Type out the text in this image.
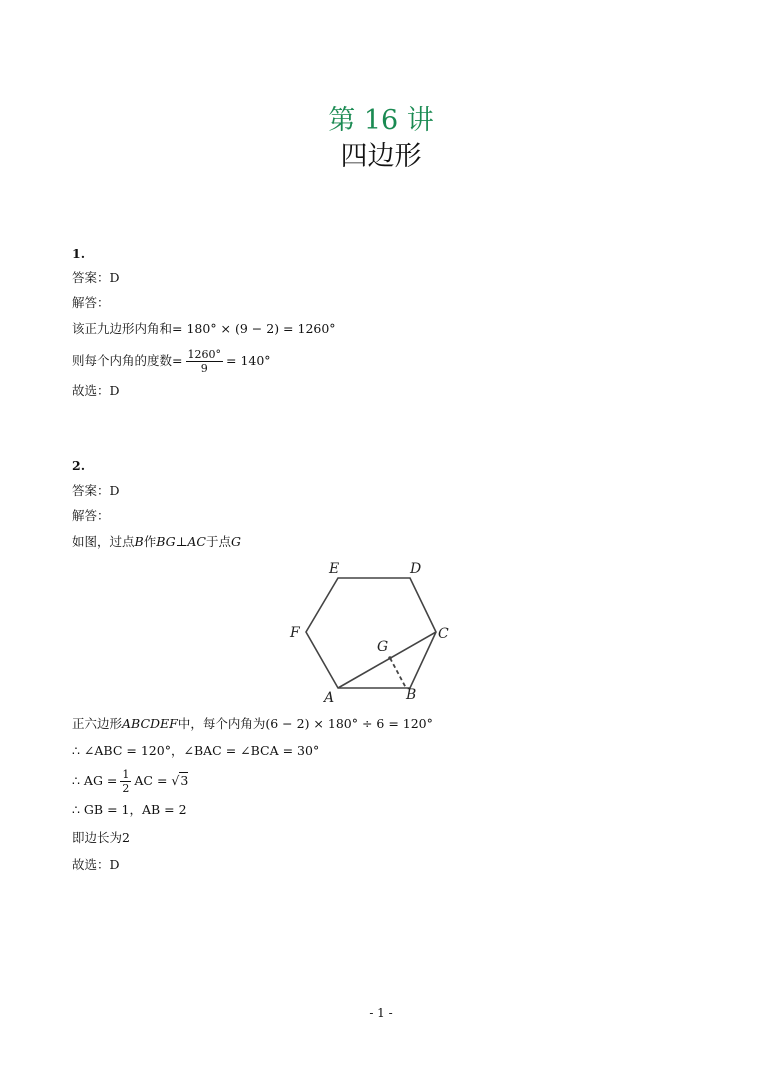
第 16 讲
四边形
1.
答案：D
解答：
该正九边形内角和= 180° × (9 − 2) = 1260°
则每个内角的度数= $\frac{1260^\circ}{9} = 140^\circ$
故选：D
2.
答案：D
解答：
如图，过点B作BG⊥AC于点G
E	D
F	C
G
A	B
正六边形ABCDEF中，每个内角为(6 − 2) × 180° ÷ 6 = 120°
∴ ∠ABC = 120°，∠BAC = ∠BCA = 30°
∴ AG = $\frac{1}{2}$ AC = √3
∴ GB = 1，AB = 2
即边长为2
故选：D
- 1 -
